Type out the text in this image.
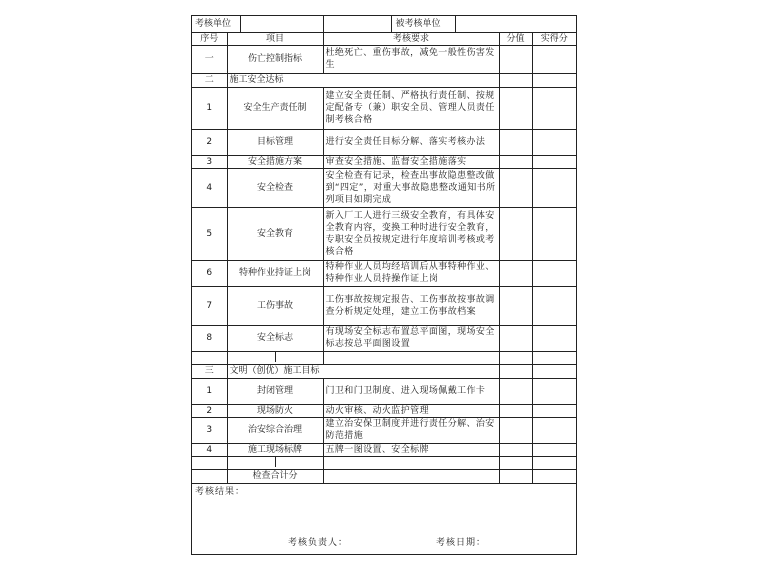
考核单位		被考核单位		

序号	项目	考核要求	分值	实得分
一	伤亡控制指标	杜绝死亡、重伤事故，减免一般性伤害发生		
二	施工安全达标			
1	安全生产责任制	建立安全责任制、严格执行责任制、按规定配备专（兼）职安全员、管理人员责任制考核合格		
2	目标管理	进行安全责任目标分解、落实考核办法		
3	安全措施方案	审查安全措施、监督安全措施落实		
4	安全检查	安全检查有记录，检查出事故隐患整改做到“四定”，对重大事故隐患整改通知书所列项目如期完成		
5	安全教育	新入厂工人进行三级安全教育，有具体安全教育内容，变换工种时进行安全教育，专职安全员按规定进行年度培训考核或考核合格		
6	特种作业持证上岗	特种作业人员均经培训后从事特种作业、特种作业人员持操作证上岗		
7	工伤事故	工伤事故按规定报告、工伤事故按事故调查分析规定处理，建立工伤事故档案		
8	安全标志	有现场安全标志布置总平面图，现场安全标志按总平面图设置		

三	文明（创优）施工目标			
1	封闭管理	门卫和门卫制度、进入现场佩戴工作卡		
2	现场防火	动火审核、动火监护管理		
3	治安综合治理	建立治安保卫制度并进行责任分解、治安防范措施		
4	施工现场标牌	五牌一图设置、安全标牌		

	检查合计分			
考核结果：
考核负责人： 考核日期：				
